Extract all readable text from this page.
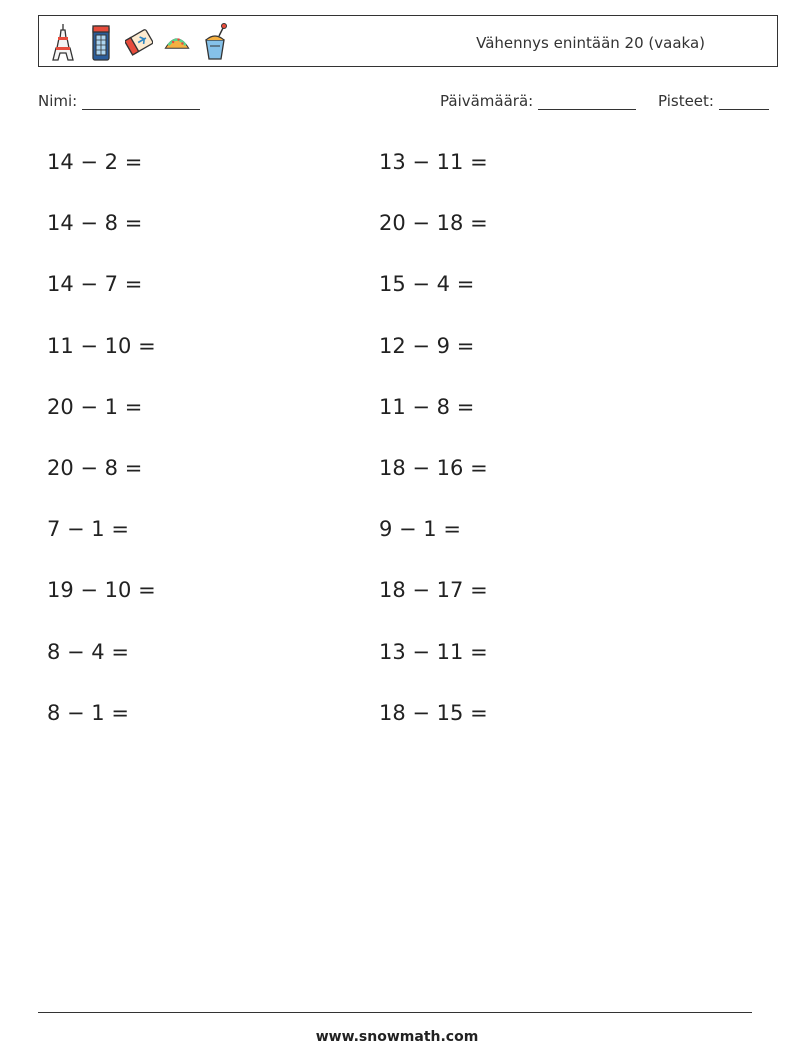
Vähennys enintään 20 (vaaka)
Nimi:	Päivämäärä:	Pisteet:
14 − 2 =	13 − 11 =
14 − 8 =	20 − 18 =
14 − 7 =	15 − 4 =
11 − 10 =	12 − 9 =
20 − 1 =	11 − 8 =
20 − 8 =	18 − 16 =
7 − 1 =	9 − 1 =
19 − 10 =	18 − 17 =
8 − 4 =	13 − 11 =
8 − 1 =	18 − 15 =
www.snowmath.com
